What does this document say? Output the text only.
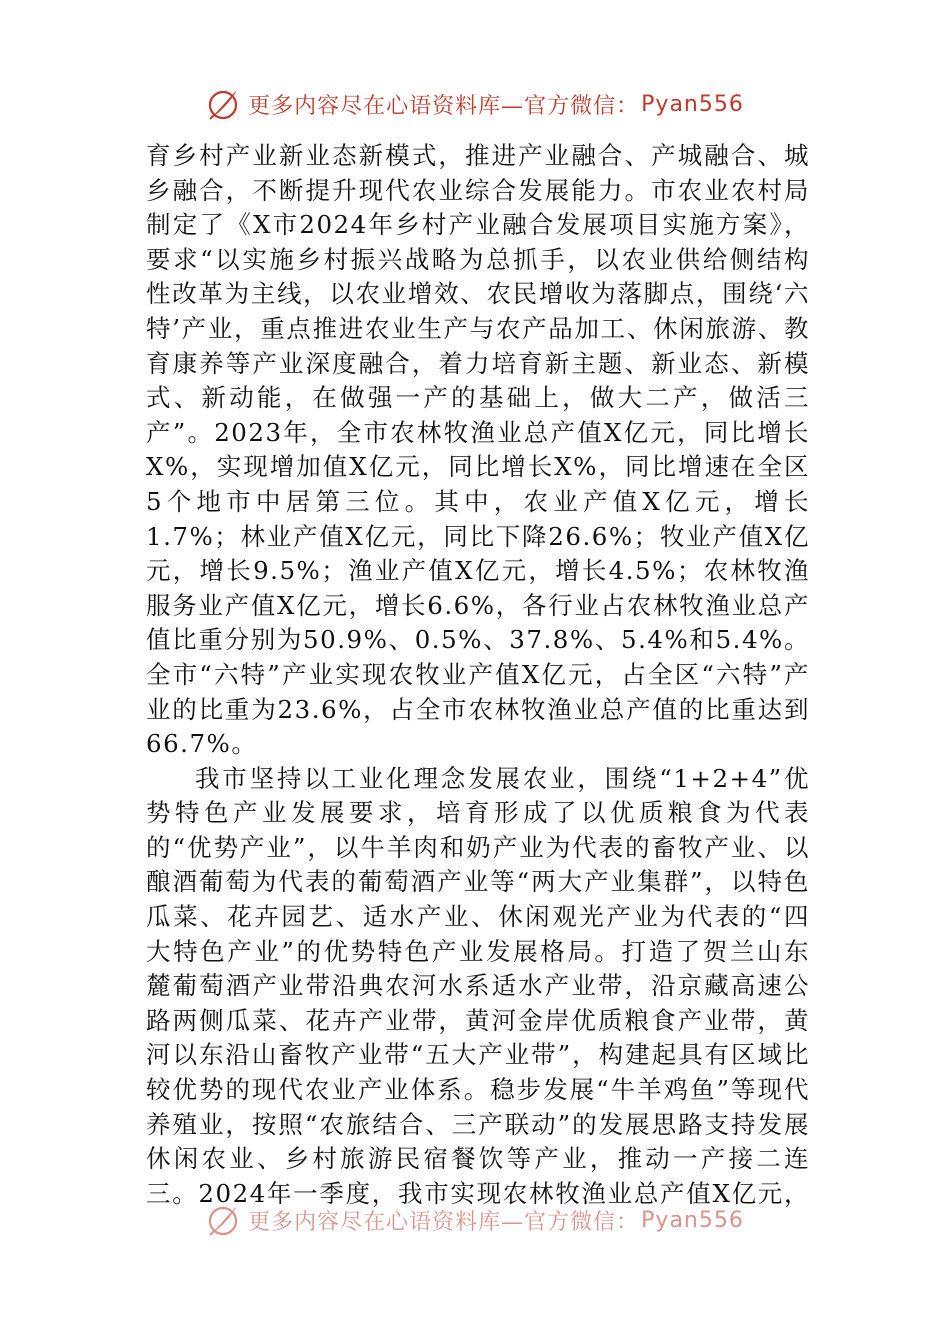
更多内容尽在心语资料库—官方微信： Pyan556

育乡村产业新业态新模式，推进产业融合、产城融合、城乡融合，不断提升现代农业综合发展能力。市农业农村局制定了《X市2024年乡村产业融合发展项目实施方案》，要求“以实施乡村振兴战略为总抓手，以农业供给侧结构性改革为主线，以农业增效、农民增收为落脚点，围绕‘六特’产业，重点推进农业生产与农产品加工、休闲旅游、教育康养等产业深度融合，着力培育新主题、新业态、新模式、新动能，在做强一产的基础上，做大二产，做活三产”。2023年，全市农林牧渔业总产值X亿元，同比增长X%，实现增加值X亿元，同比增长X%，同比增速在全区5个地市中居第三位。其中，农业产值X亿元，增长1.7%；林业产值X亿元，同比下降26.6%；牧业产值X亿元，增长9.5%；渔业产值X亿元，增长4.5%；农林牧渔服务业产值X亿元，增长6.6%，各行业占农林牧渔业总产值比重分别为50.9%、0.5%、37.8%、5.4%和5.4%。全市“六特”产业实现农牧业产值X亿元，占全区“六特”产业的比重为23.6%，占全市农林牧渔业总产值的比重达到66.7%。

我市坚持以工业化理念发展农业，围绕“1+2+4”优势特色产业发展要求，培育形成了以优质粮食为代表的“优势产业”，以牛羊肉和奶产业为代表的畜牧产业、以酿酒葡萄为代表的葡萄酒产业等“两大产业集群”，以特色瓜菜、花卉园艺、适水产业、休闲观光产业为代表的“四大特色产业”的优势特色产业发展格局。打造了贺兰山东麓葡萄酒产业带沿典农河水系适水产业带，沿京藏高速公路两侧瓜菜、花卉产业带，黄河金岸优质粮食产业带，黄河以东沿山畜牧产业带“五大产业带”，构建起具有区域比较优势的现代农业产业体系。稳步发展“牛羊鸡鱼”等现代养殖业，按照“农旅结合、三产联动”的发展思路支持发展休闲农业、乡村旅游民宿餐饮等产业，推动一产接二连三。2024年一季度，我市实现农林牧渔业总产值X亿元，

更多内容尽在心语资料库—官方微信： Pyan556
